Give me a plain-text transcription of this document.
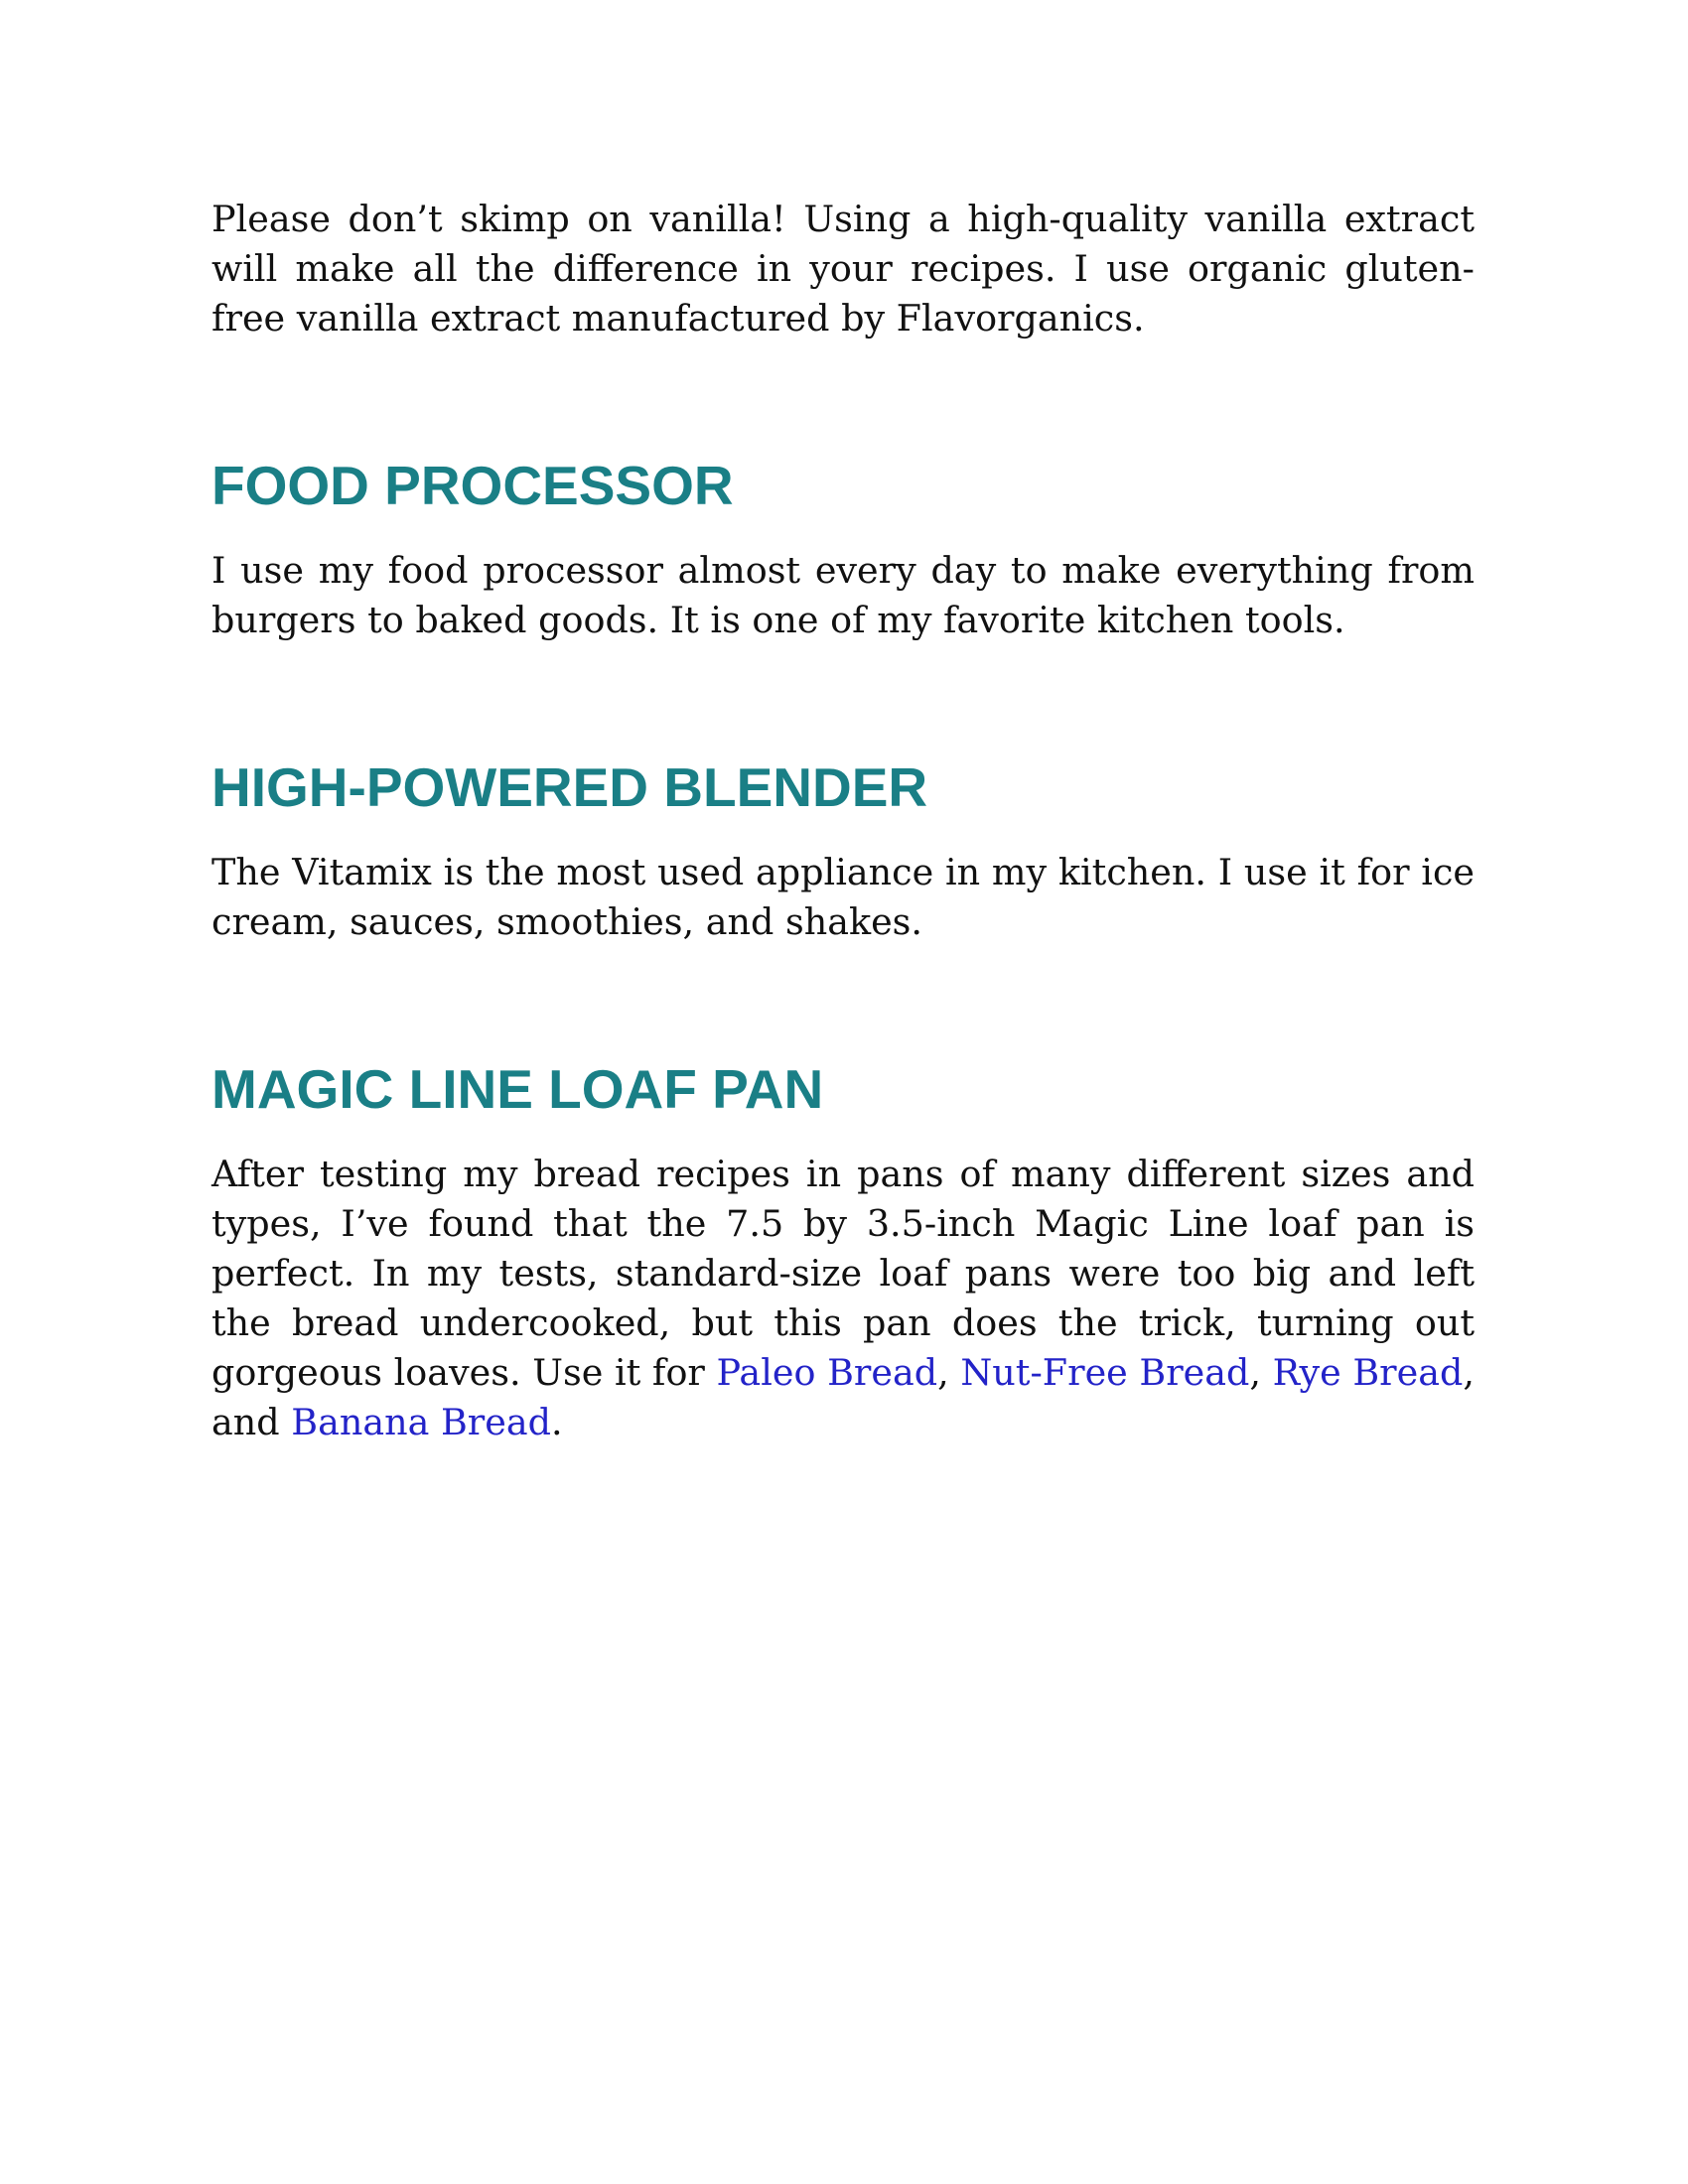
Please don’t skimp on vanilla! Using a high-quality vanilla extract will make all the difference in your recipes. I use organic gluten-free vanilla extract manufactured by Flavorganics.

FOOD PROCESSOR

I use my food processor almost every day to make everything from burgers to baked goods. It is one of my favorite kitchen tools.

HIGH-POWERED BLENDER

The Vitamix is the most used appliance in my kitchen. I use it for ice cream, sauces, smoothies, and shakes.

MAGIC LINE LOAF PAN

After testing my bread recipes in pans of many different sizes and types, I’ve found that the 7.5 by 3.5-inch Magic Line loaf pan is perfect. In my tests, standard-size loaf pans were too big and left the bread undercooked, but this pan does the trick, turning out gorgeous loaves. Use it for Paleo Bread, Nut-Free Bread, Rye Bread, and Banana Bread.
